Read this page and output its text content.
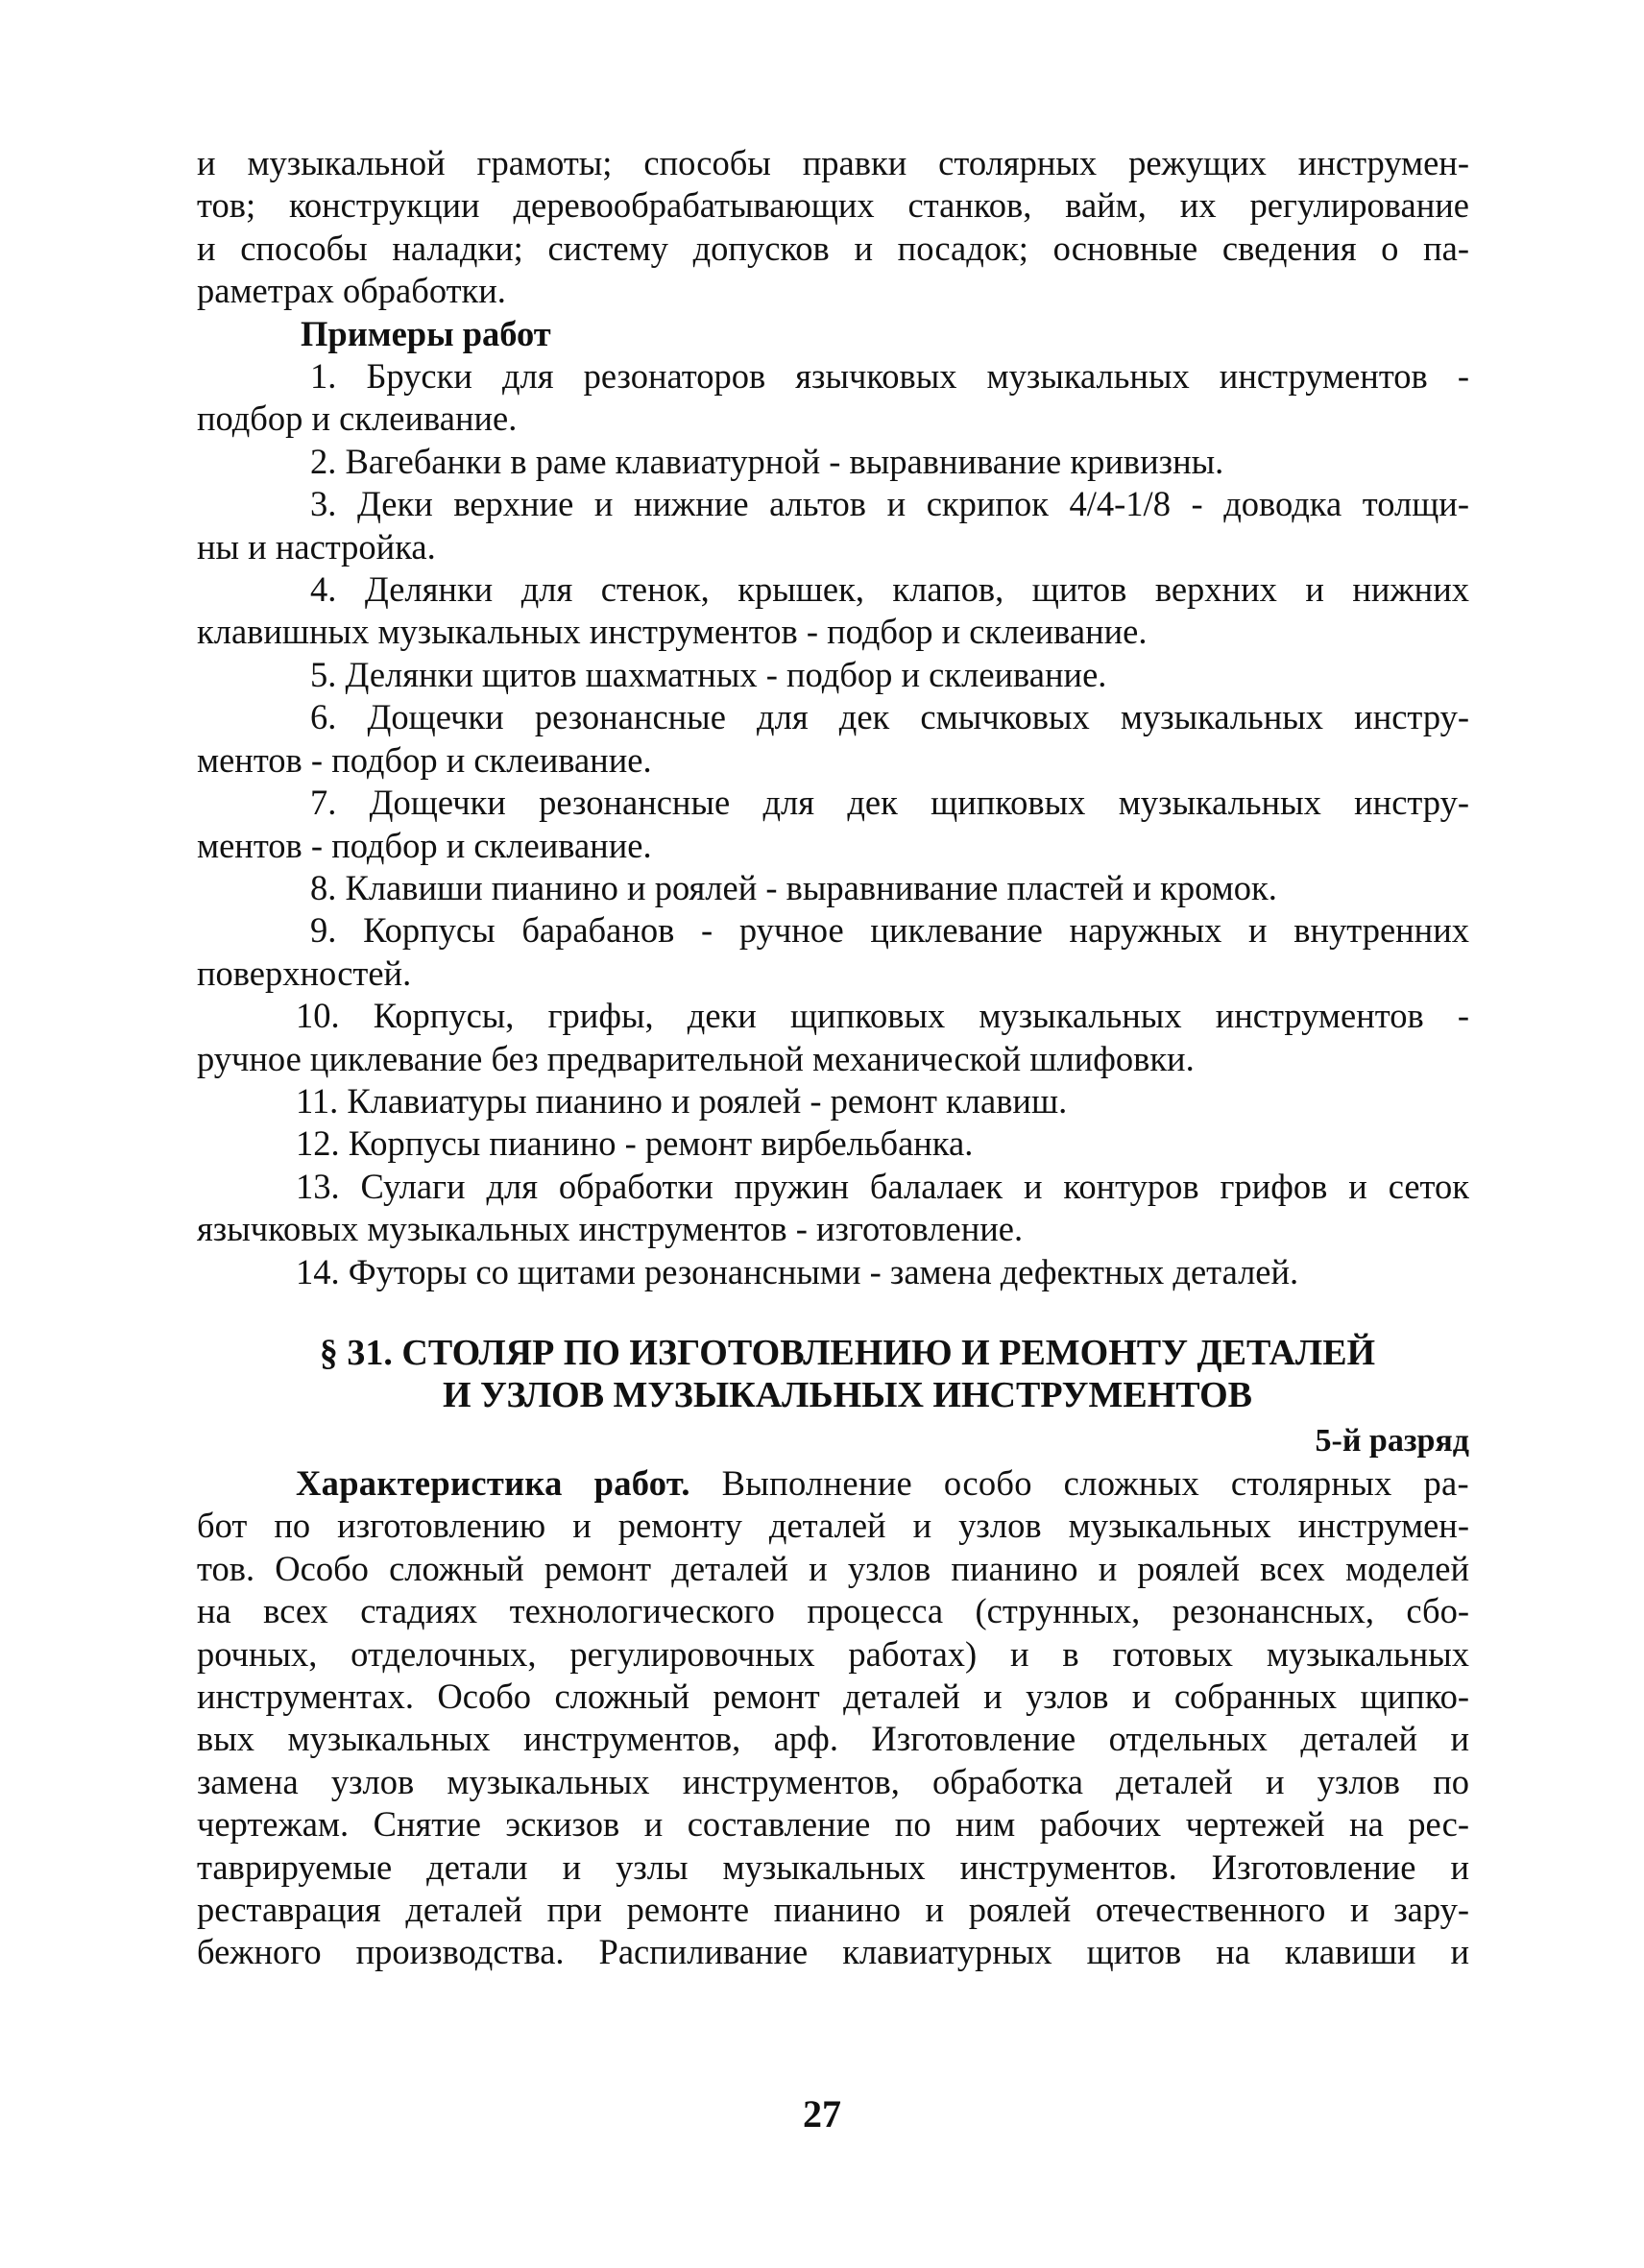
и музыкальной грамоты; способы правки столярных режущих инструмен-

тов; конструкции деревообрабатывающих станков, вайм, их регулирование

и способы наладки; систему допусков и посадок; основные сведения о па-

раметрах обработки.

Примеры работ

1. Бруски для резонаторов язычковых музыкальных инструментов -

подбор и склеивание.

2. Вагебанки в раме клавиатурной - выравнивание кривизны.

3. Деки верхние и нижние альтов и скрипок 4/4-1/8 - доводка толщи-

ны и настройка.

4. Делянки для стенок, крышек, клапов, щитов верхних и нижних

клавишных музыкальных инструментов - подбор и склеивание.

5. Делянки щитов шахматных - подбор и склеивание.

6. Дощечки резонансные для дек смычковых музыкальных инстру-

ментов - подбор и склеивание.

7. Дощечки резонансные для дек щипковых музыкальных инстру-

ментов - подбор и склеивание.

8. Клавиши пианино и роялей - выравнивание пластей и кромок.

9. Корпусы барабанов - ручное циклевание наружных и внутренних

поверхностей.

10. Корпусы, грифы, деки щипковых музыкальных инструментов -

ручное циклевание без предварительной механической шлифовки.

11. Клавиатуры пианино и роялей - ремонт клавиш.

12. Корпусы пианино - ремонт вирбельбанка.

13. Сулаги для обработки пружин балалаек и контуров грифов и сеток

язычковых музыкальных инструментов - изготовление.

14. Футоры со щитами резонансными - замена дефектных деталей.

§ 31. СТОЛЯР ПО ИЗГОТОВЛЕНИЮ И РЕМОНТУ ДЕТАЛЕЙ
И УЗЛОВ МУЗЫКАЛЬНЫХ ИНСТРУМЕНТОВ

5-й разряд

Характеристика работ. Выполнение особо сложных столярных ра-

бот по изготовлению и ремонту деталей и узлов музыкальных инструмен-

тов. Особо сложный ремонт деталей и узлов пианино и роялей всех моделей

на всех стадиях технологического процесса (струнных, резонансных, сбо-

рочных, отделочных, регулировочных работах) и в готовых музыкальных

инструментах. Особо сложный ремонт деталей и узлов и собранных щипко-

вых музыкальных инструментов, арф. Изготовление отдельных деталей и

замена узлов музыкальных инструментов, обработка деталей и узлов по

чертежам. Снятие эскизов и составление по ним рабочих чертежей на рес-

таврируемые детали и узлы музыкальных инструментов. Изготовление и

реставрация деталей при ремонте пианино и роялей отечественного и зару-

бежного производства. Распиливание клавиатурных щитов на клавиши и

27
